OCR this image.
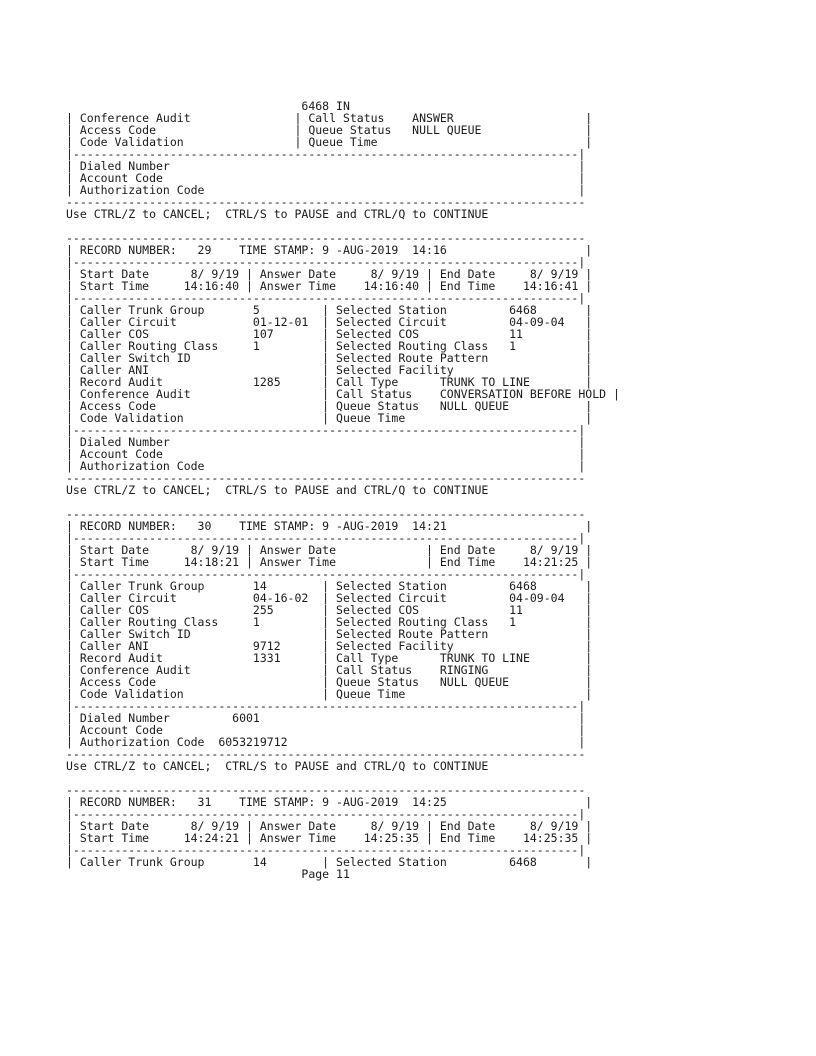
6468 IN
| Conference Audit               | Call Status    ANSWER                   |
| Access Code                    | Queue Status   NULL QUEUE               |
| Code Validation                | Queue Time                              |
|-------------------------------------------------------------------------|
| Dialed Number                                                           |
| Account Code                                                            |
| Authorization Code                                                      |
---------------------------------------------------------------------------
Use CTRL/Z to CANCEL;  CTRL/S to PAUSE and CTRL/Q to CONTINUE
---------------------------------------------------------------------------
| RECORD NUMBER:   29    TIME STAMP: 9 -AUG-2019  14:16                    |
|-------------------------------------------------------------------------|
| Start Date      8/ 9/19 | Answer Date     8/ 9/19 | End Date     8/ 9/19 |
| Start Time     14:16:40 | Answer Time    14:16:40 | End Time    14:16:41 |
|-------------------------------------------------------------------------|
| Caller Trunk Group       5         | Selected Station         6468       |
| Caller Circuit           01-12-01  | Selected Circuit         04-09-04   |
| Caller COS               107       | Selected COS             11         |
| Caller Routing Class     1         | Selected Routing Class   1          |
| Caller Switch ID                   | Selected Route Pattern              |
| Caller ANI                         | Selected Facility                   |
| Record Audit             1285      | Call Type      TRUNK TO LINE        |
| Conference Audit                   | Call Status    CONVERSATION BEFORE HOLD |
| Access Code                        | Queue Status   NULL QUEUE           |
| Code Validation                    | Queue Time                          |
|-------------------------------------------------------------------------|
| Dialed Number                                                           |
| Account Code                                                            |
| Authorization Code                                                      |
---------------------------------------------------------------------------
Use CTRL/Z to CANCEL;  CTRL/S to PAUSE and CTRL/Q to CONTINUE
---------------------------------------------------------------------------
| RECORD NUMBER:   30    TIME STAMP: 9 -AUG-2019  14:21                    |
|-------------------------------------------------------------------------|
| Start Date      8/ 9/19 | Answer Date             | End Date     8/ 9/19 |
| Start Time     14:18:21 | Answer Time             | End Time    14:21:25 |
|-------------------------------------------------------------------------|
| Caller Trunk Group       14        | Selected Station         6468       |
| Caller Circuit           04-16-02  | Selected Circuit         04-09-04   |
| Caller COS               255       | Selected COS             11         |
| Caller Routing Class     1         | Selected Routing Class   1          |
| Caller Switch ID                   | Selected Route Pattern              |
| Caller ANI               9712      | Selected Facility                   |
| Record Audit             1331      | Call Type      TRUNK TO LINE        |
| Conference Audit                   | Call Status    RINGING              |
| Access Code                        | Queue Status   NULL QUEUE           |
| Code Validation                    | Queue Time                          |
|-------------------------------------------------------------------------|
| Dialed Number         6001                                              |
| Account Code                                                            |
| Authorization Code  6053219712                                          |
---------------------------------------------------------------------------
Use CTRL/Z to CANCEL;  CTRL/S to PAUSE and CTRL/Q to CONTINUE
---------------------------------------------------------------------------
| RECORD NUMBER:   31    TIME STAMP: 9 -AUG-2019  14:25                    |
|-------------------------------------------------------------------------|
| Start Date      8/ 9/19 | Answer Date     8/ 9/19 | End Date     8/ 9/19 |
| Start Time     14:24:21 | Answer Time    14:25:35 | End Time    14:25:35 |
|-------------------------------------------------------------------------|
| Caller Trunk Group       14        | Selected Station         6468       |
Page 11
